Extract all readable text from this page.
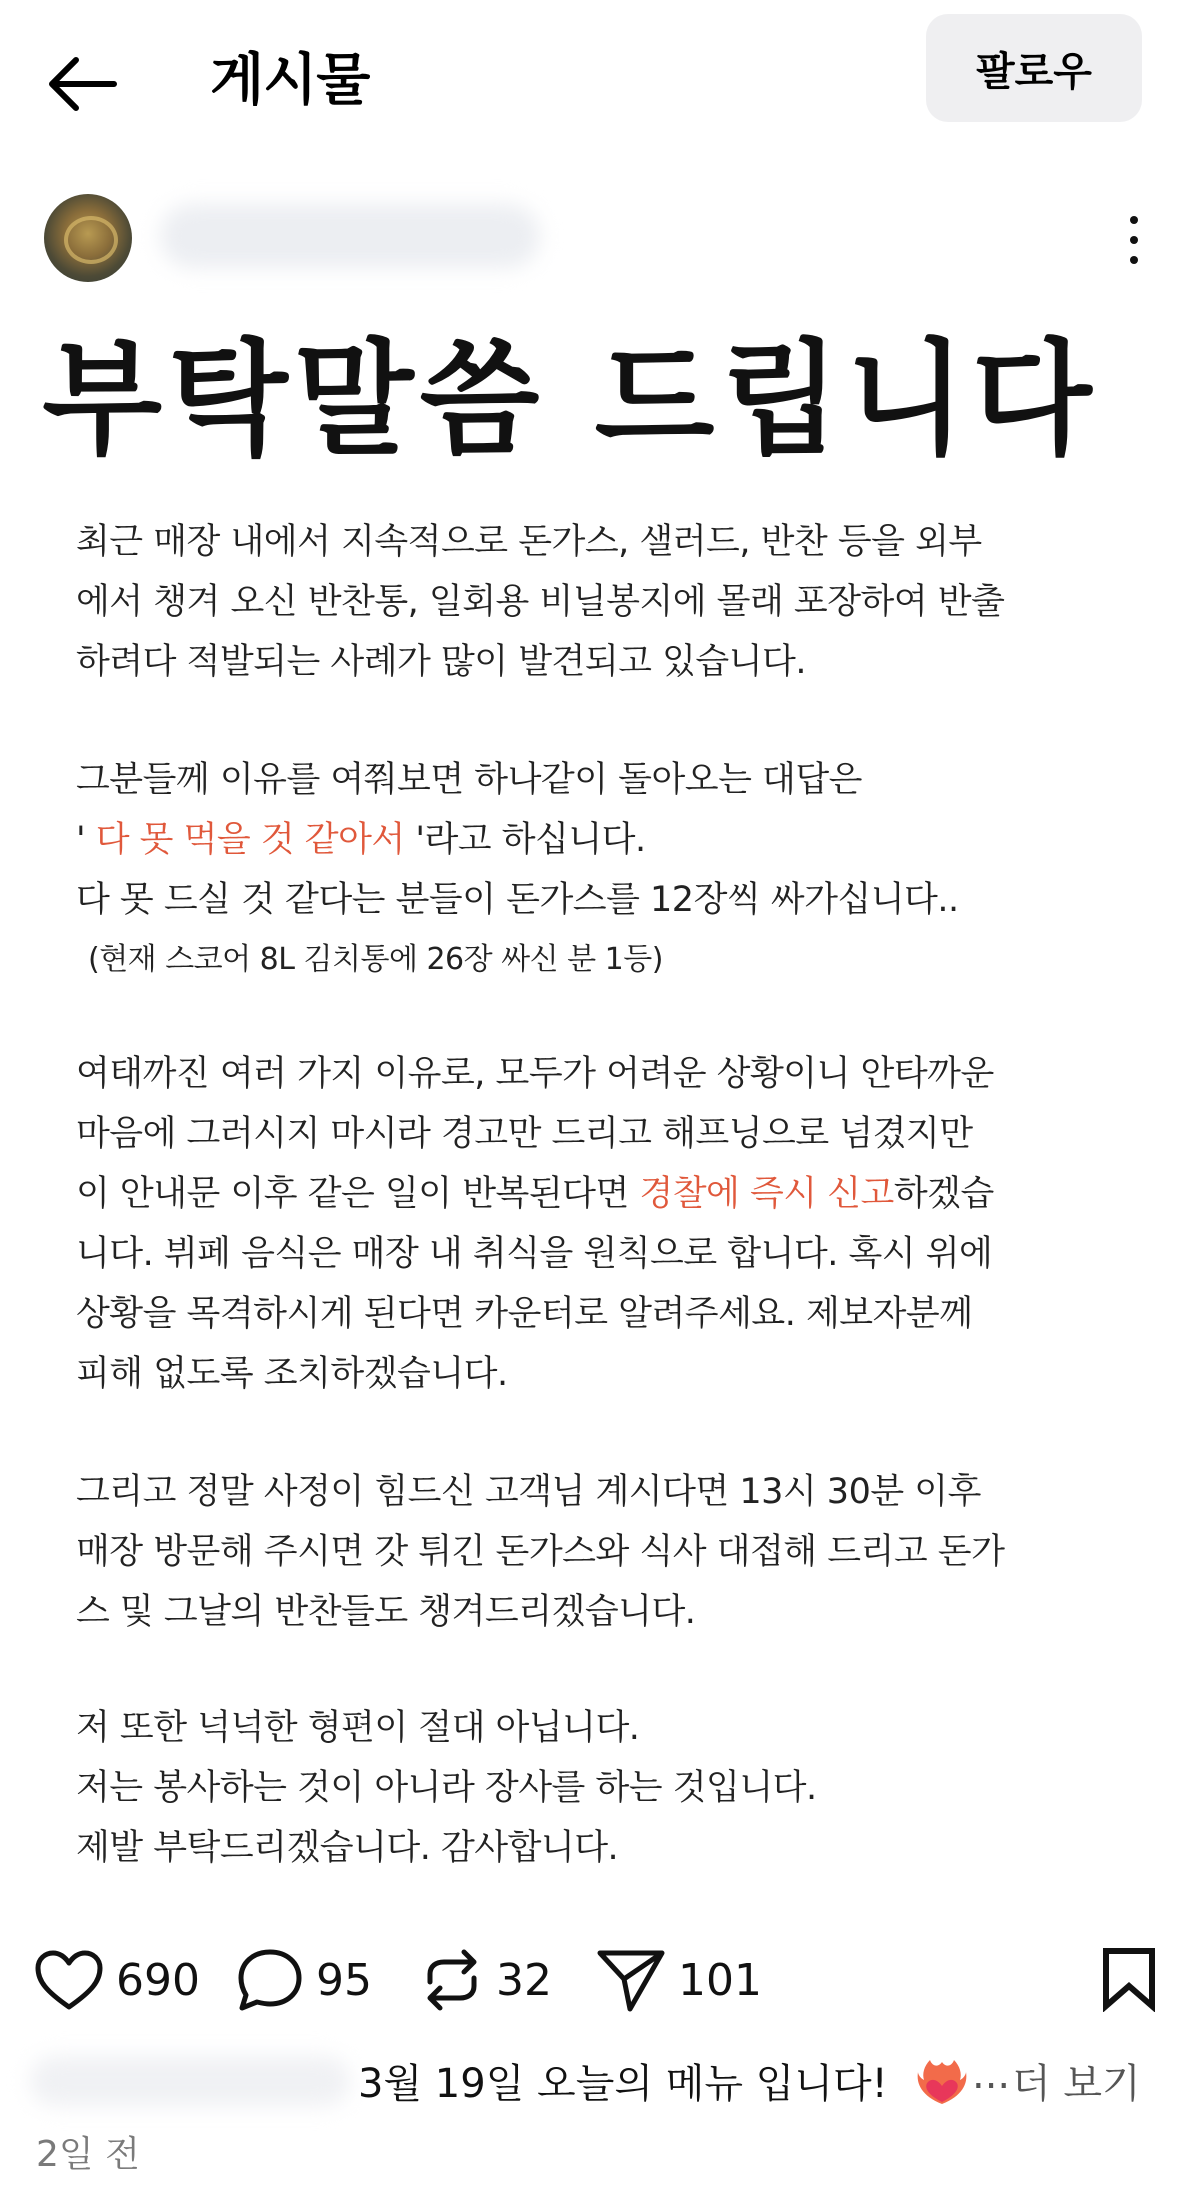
게시물	팔로우
부탁말씀 드립니다
최근 매장 내에서 지속적으로 돈가스, 샐러드, 반찬 등을 외부
에서 챙겨 오신 반찬통, 일회용 비닐봉지에 몰래 포장하여 반출
하려다 적발되는 사례가 많이 발견되고 있습니다.
그분들께 이유를 여쭤보면 하나같이 돌아오는 대답은
' 다 못 먹을 것 같아서 '라고 하십니다.
다 못 드실 것 같다는 분들이 돈가스를 12장씩 싸가십니다..
(현재 스코어 8L 김치통에 26장 싸신 분 1등)
여태까진 여러 가지 이유로, 모두가 어려운 상황이니 안타까운
마음에 그러시지 마시라 경고만 드리고 해프닝으로 넘겼지만
이 안내문 이후 같은 일이 반복된다면 경찰에 즉시 신고하겠습
니다. 뷔페 음식은 매장 내 취식을 원칙으로 합니다. 혹시 위에
상황을 목격하시게 된다면 카운터로 알려주세요. 제보자분께
피해 없도록 조치하겠습니다.
그리고 정말 사정이 힘드신 고객님 계시다면 13시 30분 이후
매장 방문해 주시면 갓 튀긴 돈가스와 식사 대접해 드리고 돈가
스 및 그날의 반찬들도 챙겨드리겠습니다.
저 또한 넉넉한 형편이 절대 아닙니다.
저는 봉사하는 것이 아니라 장사를 하는 것입니다.
제발 부탁드리겠습니다. 감사합니다.
690	95	32	101
3월 19일 오늘의 메뉴 입니다! ... 더 보기
2일 전
